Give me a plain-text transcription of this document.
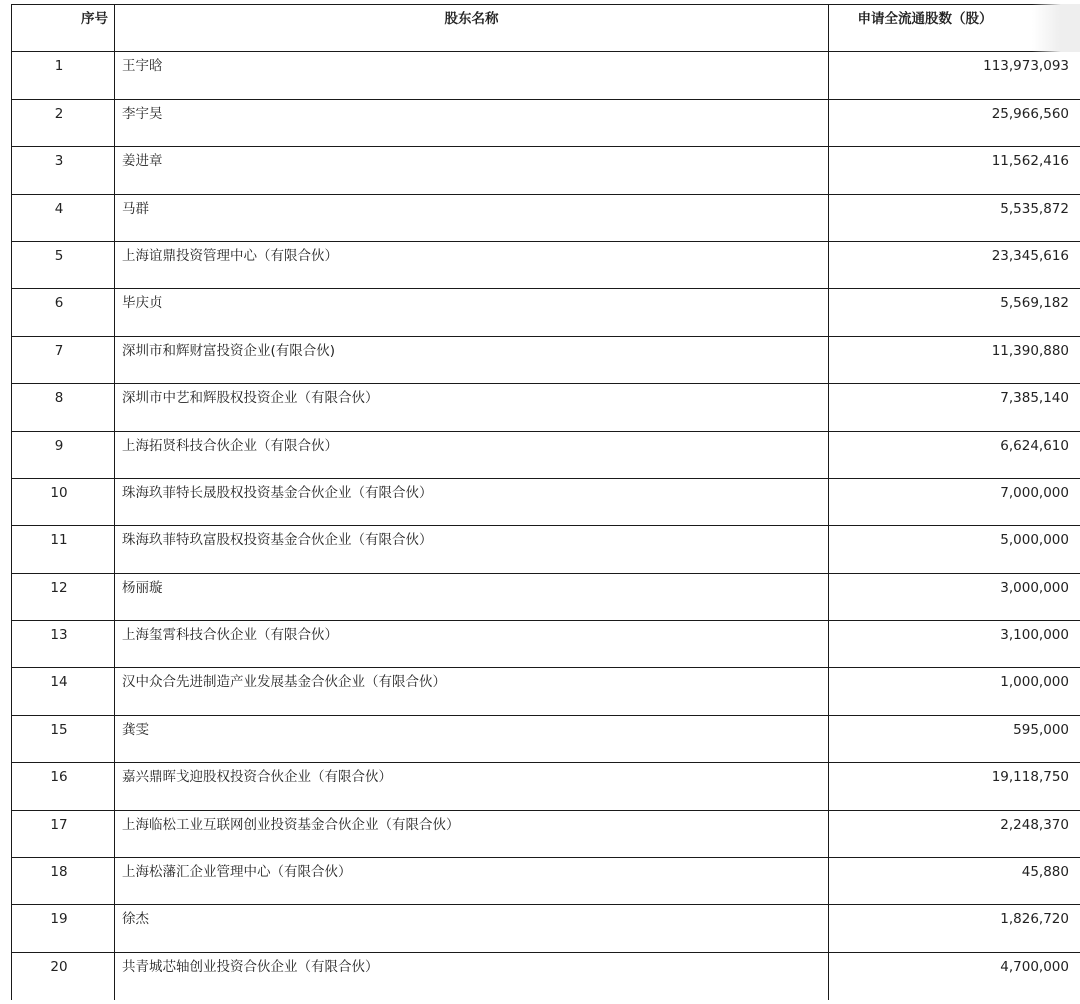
序号	股东名称	申请全流通股数（股）
1	王宇晗	113,973,093
2	李宇昊	25,966,560
3	姜进章	11,562,416
4	马群	5,535,872
5	上海谊鼎投资管理中心（有限合伙）	23,345,616
6	毕庆贞	5,569,182
7	深圳市和辉财富投资企业(有限合伙)	11,390,880
8	深圳市中艺和辉股权投资企业（有限合伙）	7,385,140
9	上海拓贤科技合伙企业（有限合伙）	6,624,610
10	珠海玖菲特长晟股权投资基金合伙企业（有限合伙）	7,000,000
11	珠海玖菲特玖富股权投资基金合伙企业（有限合伙）	5,000,000
12	杨丽璇	3,000,000
13	上海玺霄科技合伙企业（有限合伙）	3,100,000
14	汉中众合先进制造产业发展基金合伙企业（有限合伙）	1,000,000
15	龚雯	595,000
16	嘉兴鼎晖戈迎股权投资合伙企业（有限合伙）	19,118,750
17	上海临松工业互联网创业投资基金合伙企业（有限合伙）	2,248,370
18	上海松藩汇企业管理中心（有限合伙）	45,880
19	徐杰	1,826,720
20	共青城芯轴创业投资合伙企业（有限合伙）	4,700,000
